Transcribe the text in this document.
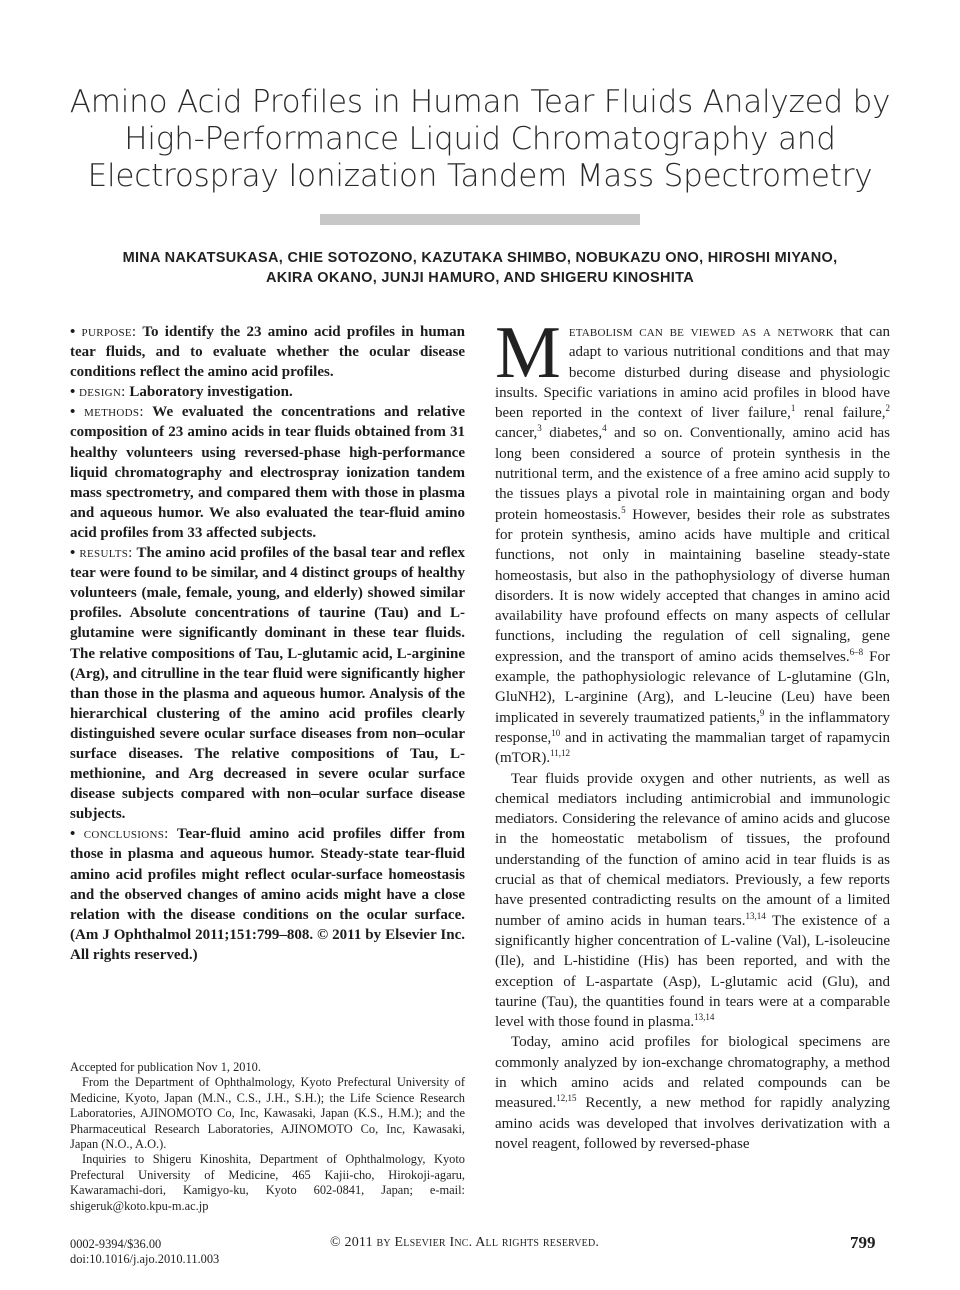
Amino Acid Profiles in Human Tear Fluids Analyzed by
High-Performance Liquid Chromatography and
Electrospray Ionization Tandem Mass Spectrometry
MINA NAKATSUKASA, CHIE SOTOZONO, KAZUTAKA SHIMBO, NOBUKAZU ONO, HIROSHI MIYANO,
AKIRA OKANO, JUNJI HAMURO, AND SHIGERU KINOSHITA

• purpose: To identify the 23 amino acid profiles in human tear fluids, and to evaluate whether the ocular disease conditions reflect the amino acid profiles.

• design: Laboratory investigation.

• methods: We evaluated the concentrations and relative composition of 23 amino acids in tear fluids obtained from 31 healthy volunteers using reversed-phase high-performance liquid chromatography and electrospray ionization tandem mass spectrometry, and compared them with those in plasma and aqueous humor. We also evaluated the tear-fluid amino acid profiles from 33 affected subjects.

• results: The amino acid profiles of the basal tear and reflex tear were found to be similar, and 4 distinct groups of healthy volunteers (male, female, young, and elderly) showed similar profiles. Absolute concentrations of taurine (Tau) and L-glutamine were significantly dominant in these tear fluids. The relative compositions of Tau, L-glutamic acid, L-arginine (Arg), and citrulline in the tear fluid were significantly higher than those in the plasma and aqueous humor. Analysis of the hierarchical clustering of the amino acid profiles clearly distinguished severe ocular surface diseases from non–ocular surface diseases. The relative compositions of Tau, L-methionine, and Arg decreased in severe ocular surface disease subjects compared with non–ocular surface disease subjects.

• conclusions: Tear-fluid amino acid profiles differ from those in plasma and aqueous humor. Steady-state tear-fluid amino acid profiles might reflect ocular-surface homeostasis and the observed changes of amino acids might have a close relation with the disease conditions on the ocular surface. (Am J Ophthalmol 2011;151:799–808. © 2011 by Elsevier Inc. All rights reserved.)

Accepted for publication Nov 1, 2010.

From the Department of Ophthalmology, Kyoto Prefectural University of Medicine, Kyoto, Japan (M.N., C.S., J.H., S.H.); the Life Science Research Laboratories, AJINOMOTO Co, Inc, Kawasaki, Japan (K.S., H.M.); and the Pharmaceutical Research Laboratories, AJINOMOTO Co, Inc, Kawasaki, Japan (N.O., A.O.).

Inquiries to Shigeru Kinoshita, Department of Ophthalmology, Kyoto Prefectural University of Medicine, 465 Kajii-cho, Hirokoji-agaru, Kawaramachi-dori, Kamigyo-ku, Kyoto 602-0841, Japan; e-mail: shigeruk@koto.kpu-m.ac.jp

Metabolism can be viewed as a network that can adapt to various nutritional conditions and that may become disturbed during disease and physiologic insults. Specific variations in amino acid profiles in blood have been reported in the context of liver failure,$^1$ renal failure,$^2$ cancer,$^3$ diabetes,$^4$ and so on. Conventionally, amino acid has long been considered a source of protein synthesis in the nutritional term, and the existence of a free amino acid supply to the tissues plays a pivotal role in maintaining organ and body protein homeostasis.$^5$ However, besides their role as substrates for protein synthesis, amino acids have multiple and critical functions, not only in maintaining baseline steady-state homeostasis, but also in the pathophysiology of diverse human disorders. It is now widely accepted that changes in amino acid availability have profound effects on many aspects of cellular functions, including the regulation of cell signaling, gene expression, and the transport of amino acids themselves.$^{6-8}$ For example, the pathophysiologic relevance of L-glutamine (Gln, GluNH2), L-arginine (Arg), and L-leucine (Leu) have been implicated in severely traumatized patients,$^9$ in the inflammatory response,$^{10}$ and in activating the mammalian target of rapamycin (mTOR).$^{11,12}$

Tear fluids provide oxygen and other nutrients, as well as chemical mediators including antimicrobial and immunologic mediators. Considering the relevance of amino acids and glucose in the homeostatic metabolism of tissues, the profound understanding of the function of amino acid in tear fluids is as crucial as that of chemical mediators. Previously, a few reports have presented contradicting results on the amount of a limited number of amino acids in human tears.$^{13,14}$ The existence of a significantly higher concentration of L-valine (Val), L-isoleucine (Ile), and L-histidine (His) has been reported, and with the exception of L-aspartate (Asp), L-glutamic acid (Glu), and taurine (Tau), the quantities found in tears were at a comparable level with those found in plasma.$^{13,14}$

Today, amino acid profiles for biological specimens are commonly analyzed by ion-exchange chromatography, a method in which amino acids and related compounds can be measured.$^{12,15}$ Recently, a new method for rapidly analyzing amino acids was developed that involves derivatization with a novel reagent, followed by reversed-phase

0002-9394/$36.00
doi:10.1016/j.ajo.2010.11.003
© 2011 by Elsevier Inc. All rights reserved.	799
